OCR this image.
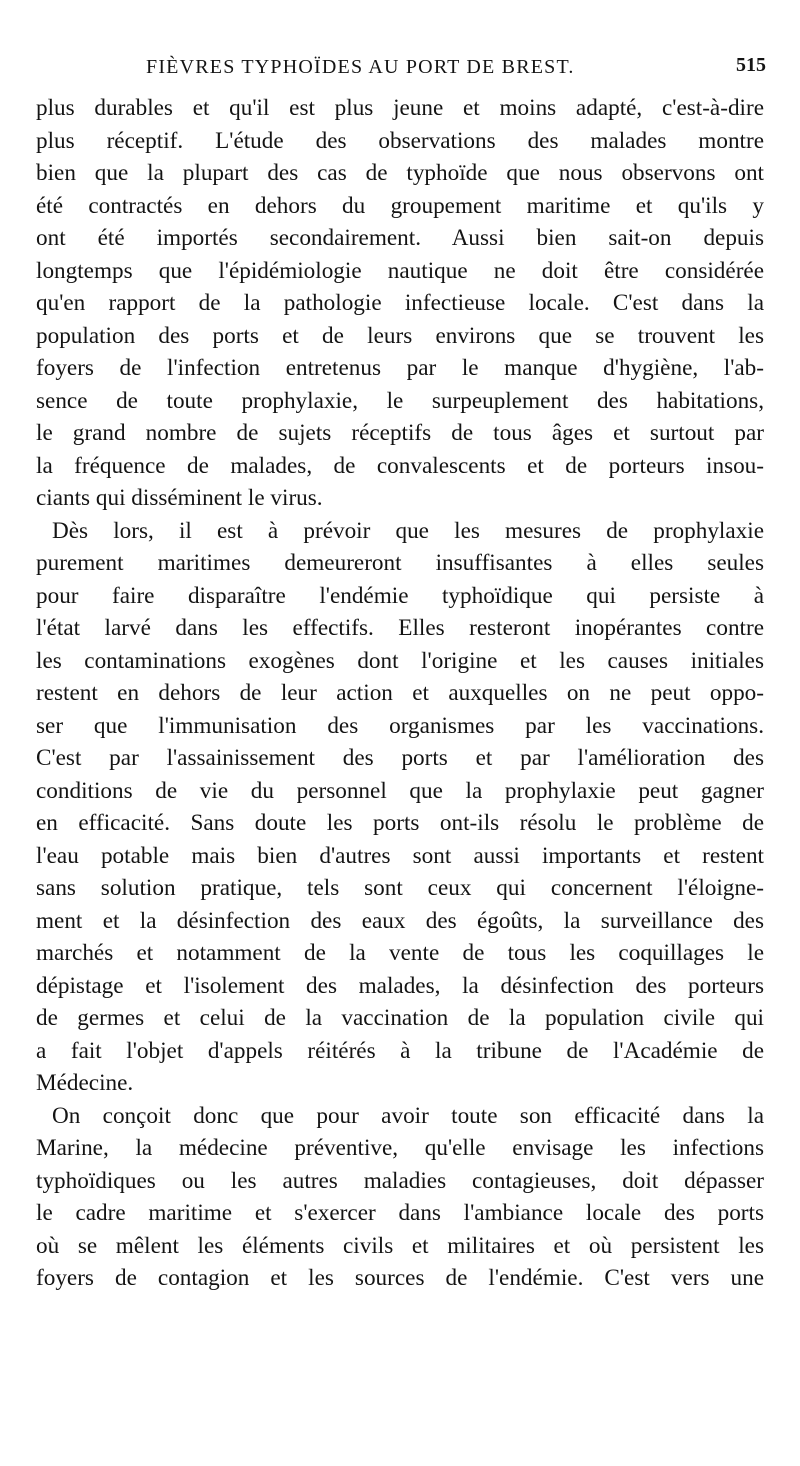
FIÈVRES TYPHOÏDES AU PORT DE BREST.	515

plus durables et qu'il est plus jeune et moins adapté, c'est-à-dire
plus réceptif. L'étude des observations des malades montre
bien que la plupart des cas de typhoïde que nous observons ont
été contractés en dehors du groupement maritime et qu'ils y
ont été importés secondairement. Aussi bien sait-on depuis
longtemps que l'épidémiologie nautique ne doit être considérée
qu'en rapport de la pathologie infectieuse locale. C'est dans la
population des ports et de leurs environs que se trouvent les
foyers de l'infection entretenus par le manque d'hygiène, l'ab-
sence de toute prophylaxie, le surpeuplement des habitations,
le grand nombre de sujets réceptifs de tous âges et surtout par
la fréquence de malades, de convalescents et de porteurs insou-
ciants qui disséminent le virus.

Dès lors, il est à prévoir que les mesures de prophylaxie
purement maritimes demeureront insuffisantes à elles seules
pour faire disparaître l'endémie typhoïdique qui persiste à
l'état larvé dans les effectifs. Elles resteront inopérantes contre
les contaminations exogènes dont l'origine et les causes initiales
restent en dehors de leur action et auxquelles on ne peut oppo-
ser que l'immunisation des organismes par les vaccinations.
C'est par l'assainissement des ports et par l'amélioration des
conditions de vie du personnel que la prophylaxie peut gagner
en efficacité. Sans doute les ports ont-ils résolu le problème de
l'eau potable mais bien d'autres sont aussi importants et restent
sans solution pratique, tels sont ceux qui concernent l'éloigne-
ment et la désinfection des eaux des égoûts, la surveillance des
marchés et notamment de la vente de tous les coquillages le
dépistage et l'isolement des malades, la désinfection des porteurs
de germes et celui de la vaccination de la population civile qui
a fait l'objet d'appels réitérés à la tribune de l'Académie de
Médecine.

On conçoit donc que pour avoir toute son efficacité dans la
Marine, la médecine préventive, qu'elle envisage les infections
typhoïdiques ou les autres maladies contagieuses, doit dépasser
le cadre maritime et s'exercer dans l'ambiance locale des ports
où se mêlent les éléments civils et militaires et où persistent les
foyers de contagion et les sources de l'endémie. C'est vers une
